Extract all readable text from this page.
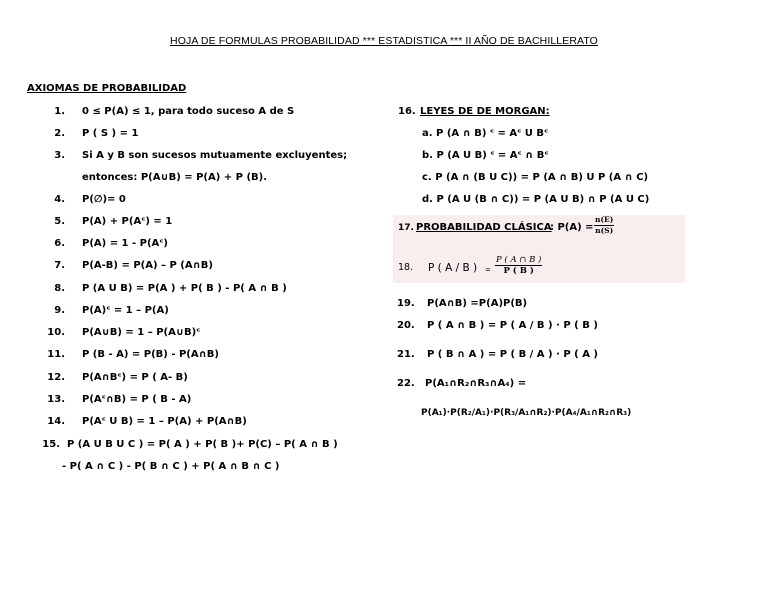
HOJA DE FORMULAS PROBABILIDAD *** ESTADISTICA *** II AÑO DE BACHILLERATO
AXIOMAS DE PROBABILIDAD
1. 0 ≤ P(A) ≤ 1, para todo suceso A de S
2. P ( S ) = 1
3. Si A y B son sucesos mutuamente excluyentes;
entonces: P(A∪B) = P(A) + P (B).
4. P(∅)= 0
5. P(A) + P(Aᶜ) = 1
6. P(A) = 1 - P(Aᶜ)
7. P(A-B) = P(A) – P (A∩B)
8. P (A U B) = P(A ) + P( B ) - P( A ∩ B )
9. P(A)ᶜ = 1 – P(A)
10. P(A∪B) = 1 – P(A∪B)ᶜ
11. P (B - A) = P(B) - P(A∩B)
12. P(A∩Bᶜ) = P ( A- B)
13. P(Aᶜ∩B) = P ( B - A)
14. P(Aᶜ U B) = 1 – P(A) + P(A∩B)
15. P (A U B U C ) = P( A ) + P( B )+ P(C) – P( A ∩ B )
- P( A ∩ C ) - P( B ∩ C ) + P( A ∩ B ∩ C )
16. LEYES DE DE MORGAN:
a. P (A ∩ B) ᶜ = Aᶜ U Bᶜ
b. P (A U B) ᶜ = Aᶜ ∩ Bᶜ
c. P (A ∩ (B U C)) = P (A ∩ B) U P (A ∩ C)
d. P (A U (B ∩ C)) = P (A U B) ∩ P (A U C)
17. PROBABILIDAD CLÁSICA
: $P(A) = \frac{n(E)}{n(S)}$
18. P ( A / B ) = $\frac{P ( A \cap B )}{P ( B )}$
19. P(A∩B) =P(A)P(B)
20. P ( A ∩ B ) = P ( A / B ) · P ( B )
21. P ( B ∩ A ) = P ( B / A ) · P ( A )
22. P(A₁∩R₂∩R₃∩A₄) =
P(A₁)·P(R₂/A₁)·P(R₃/A₁∩R₂)·P(A₄/A₁∩R₂∩R₃)
